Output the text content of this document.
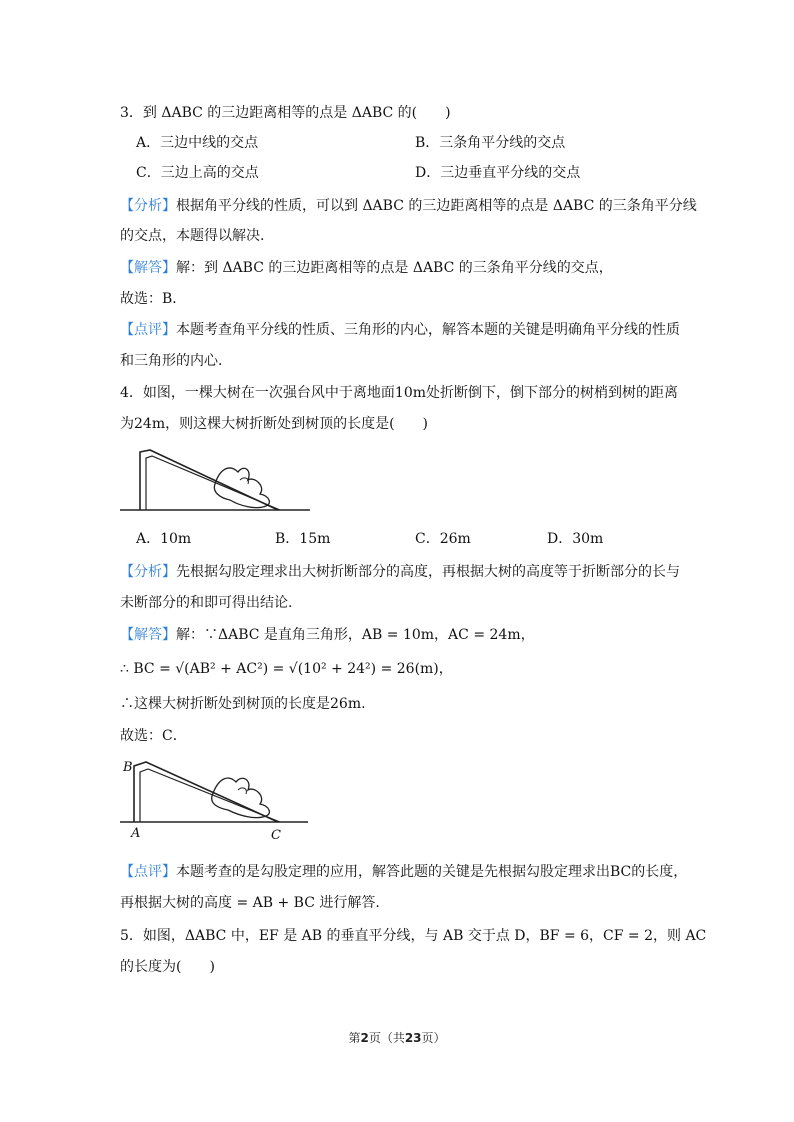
3．到 ΔABC 的三边距离相等的点是 ΔABC 的(　　)
A．三边中线的交点	B．三条角平分线的交点
C．三边上高的交点	D．三边垂直平分线的交点
【分析】根据角平分线的性质，可以到 ΔABC 的三边距离相等的点是 ΔABC 的三条角平分线
的交点，本题得以解决.
【解答】解：到 ΔABC 的三边距离相等的点是 ΔABC 的三条角平分线的交点，
故选：B．
【点评】本题考查角平分线的性质、三角形的内心，解答本题的关键是明确角平分线的性质
和三角形的内心.
4．如图，一棵大树在一次强台风中于离地面10m处折断倒下，倒下部分的树梢到树的距离
为24m，则这棵大树折断处到树顶的长度是(　　)
A．10m	B．15m	C．26m	D．30m
【分析】先根据勾股定理求出大树折断部分的高度，再根据大树的高度等于折断部分的长与
未断部分的和即可得出结论.
【解答】解：∵ΔABC 是直角三角形，AB = 10m，AC = 24m，
∴ BC = √(AB² + AC²) = √(10² + 24²) = 26(m)，
∴这棵大树折断处到树顶的长度是26m.
故选：C．
B
A	C
【点评】本题考查的是勾股定理的应用，解答此题的关键是先根据勾股定理求出BC的长度，
再根据大树的高度 = AB + BC 进行解答.
5．如图，ΔABC 中，EF 是 AB 的垂直平分线，与 AB 交于点 D，BF = 6，CF = 2，则 AC
的长度为(　　)
第2页（共23页）
